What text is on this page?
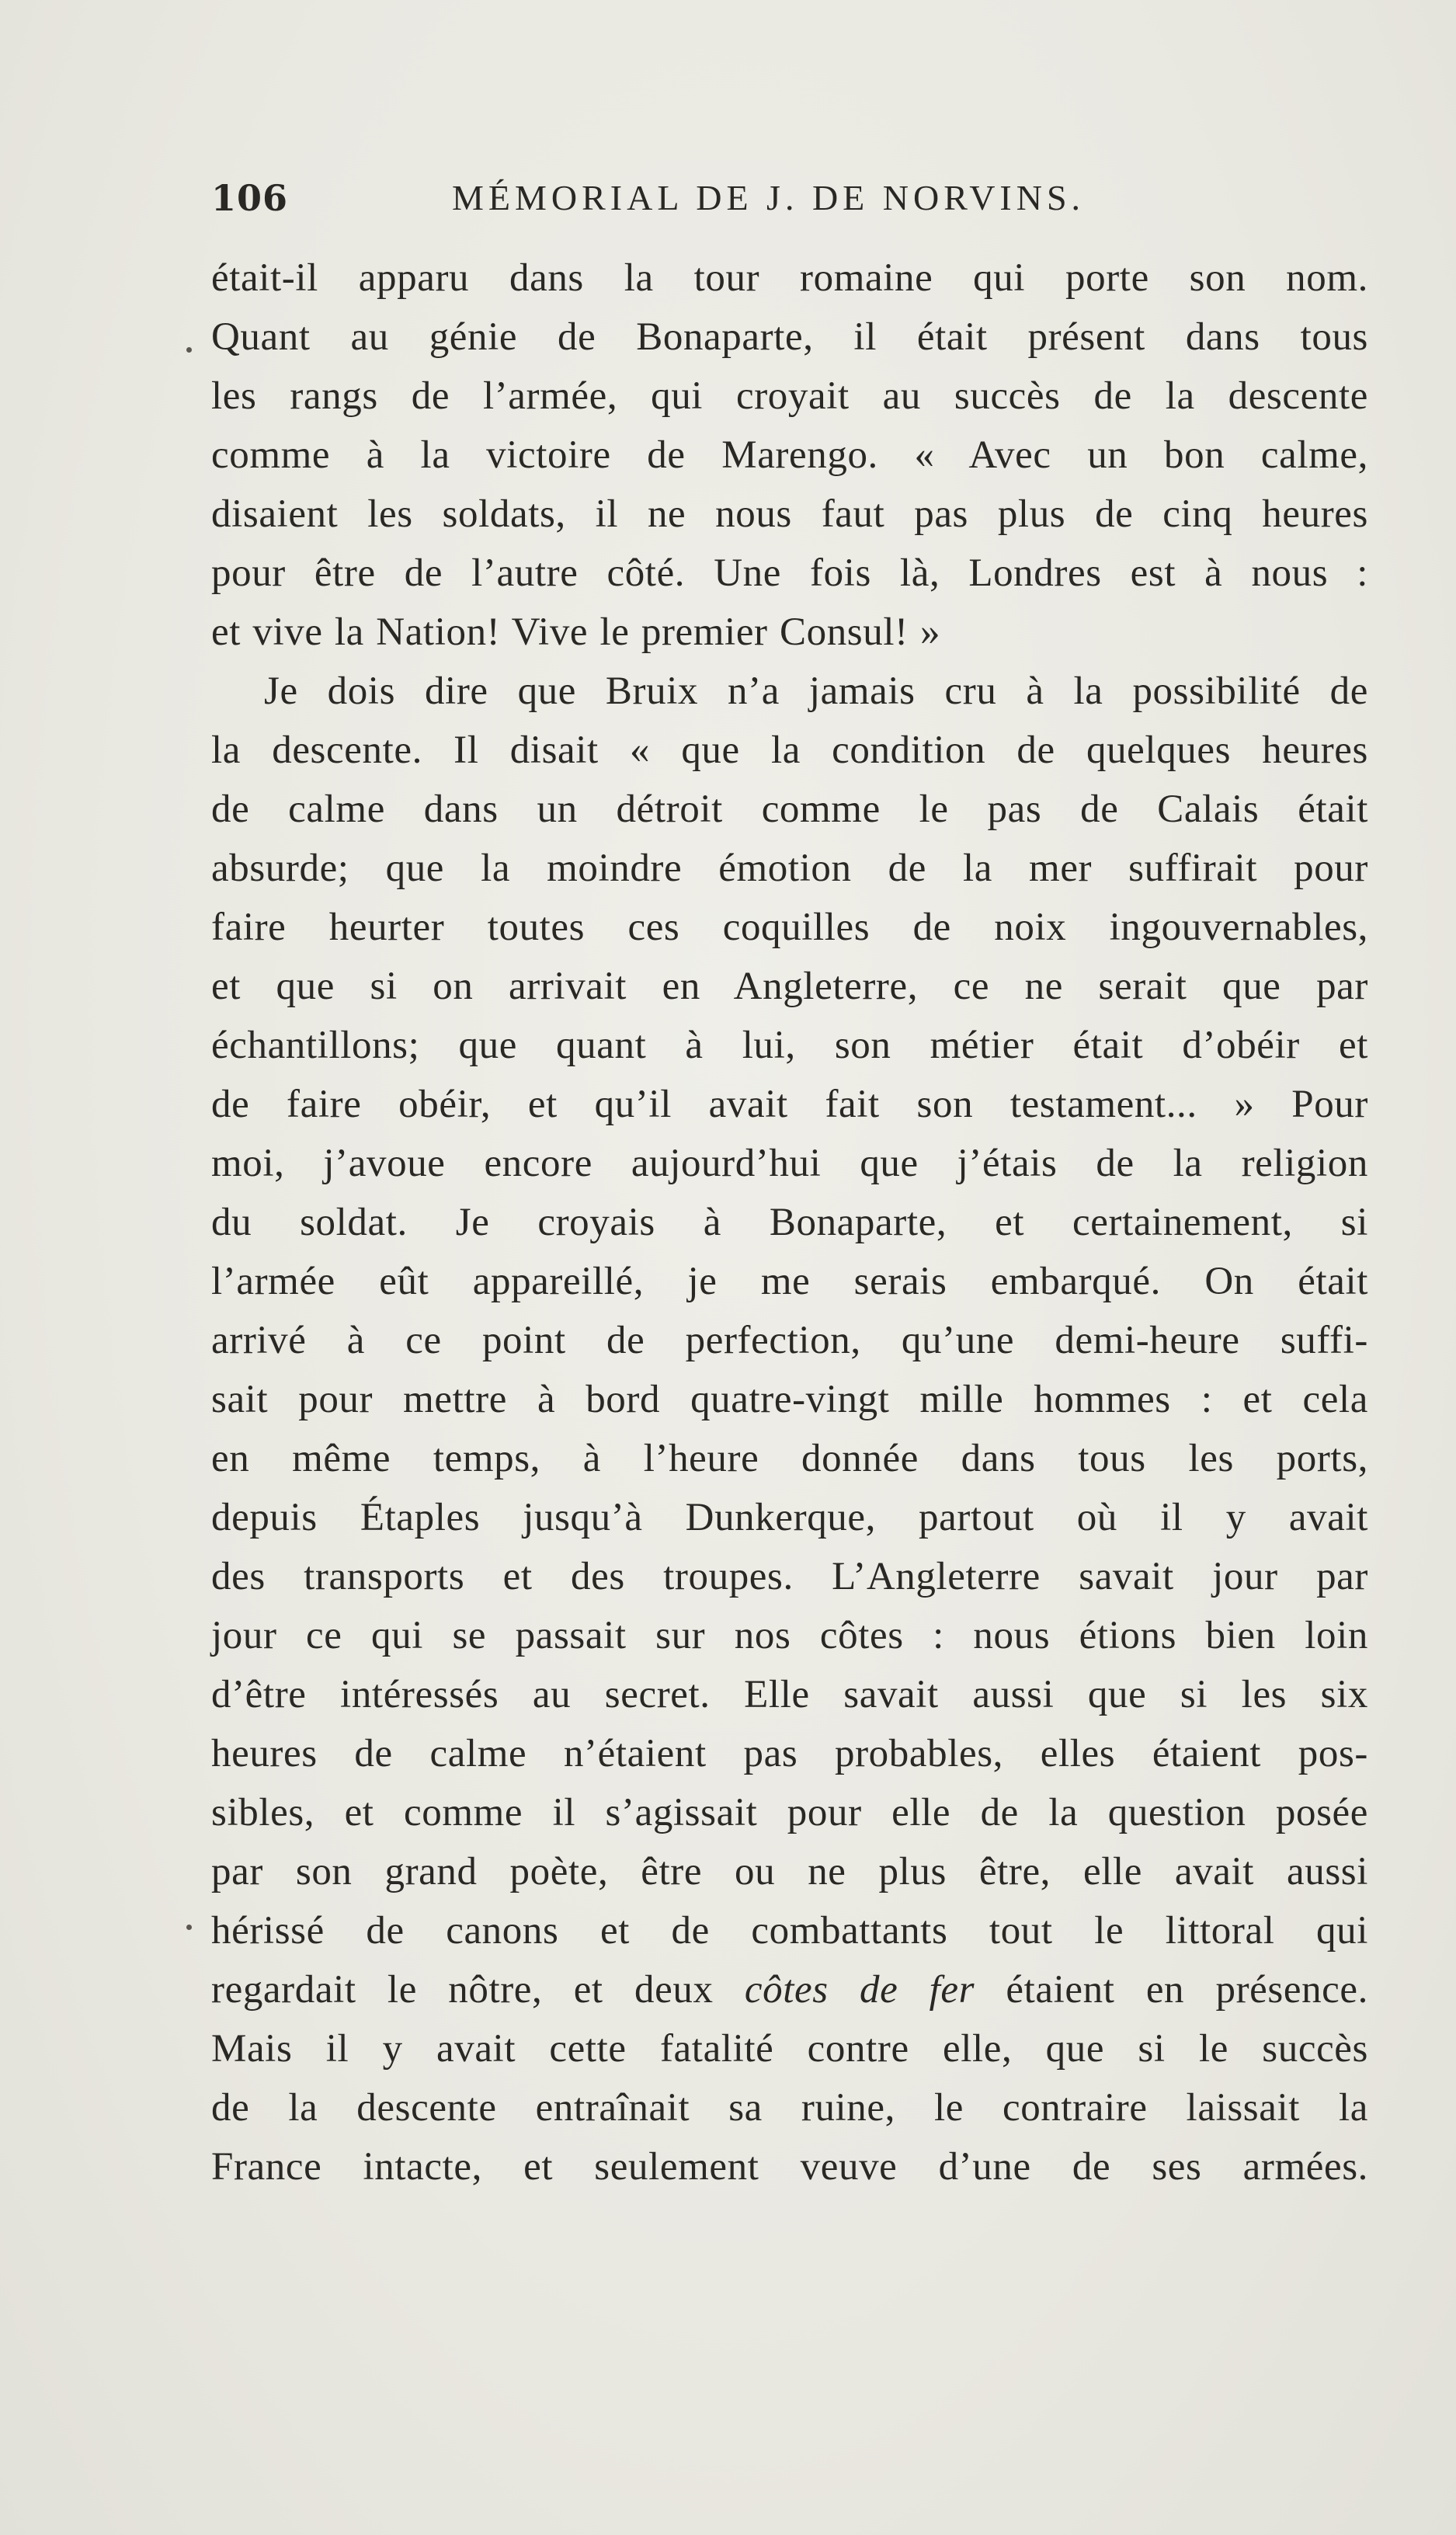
106	MÉMORIAL DE J. DE NORVINS.
était-il apparu dans la tour romaine qui porte son nom.
Quant au génie de Bonaparte, il était présent dans tous
les rangs de l’armée, qui croyait au succès de la descente
comme à la victoire de Marengo. « Avec un bon calme,
disaient les soldats, il ne nous faut pas plus de cinq heures
pour être de l’autre côté. Une fois là, Londres est à nous :
et vive la Nation! Vive le premier Consul! »
Je dois dire que Bruix n’a jamais cru à la possibilité de
la descente. Il disait « que la condition de quelques heures
de calme dans un détroit comme le pas de Calais était
absurde; que la moindre émotion de la mer suffirait pour
faire heurter toutes ces coquilles de noix ingouvernables,
et que si on arrivait en Angleterre, ce ne serait que par
échantillons; que quant à lui, son métier était d’obéir et
de faire obéir, et qu’il avait fait son testament... » Pour
moi, j’avoue encore aujourd’hui que j’étais de la religion
du soldat. Je croyais à Bonaparte, et certainement, si
l’armée eût appareillé, je me serais embarqué. On était
arrivé à ce point de perfection, qu’une demi-heure suffi-
sait pour mettre à bord quatre-vingt mille hommes : et cela
en même temps, à l’heure donnée dans tous les ports,
depuis Étaples jusqu’à Dunkerque, partout où il y avait
des transports et des troupes. L’Angleterre savait jour par
jour ce qui se passait sur nos côtes : nous étions bien loin
d’être intéressés au secret. Elle savait aussi que si les six
heures de calme n’étaient pas probables, elles étaient pos-
sibles, et comme il s’agissait pour elle de la question posée
par son grand poète, être ou ne plus être, elle avait aussi
hérissé de canons et de combattants tout le littoral qui
regardait le nôtre, et deux côtes de fer étaient en présence.
Mais il y avait cette fatalité contre elle, que si le succès
de la descente entraînait sa ruine, le contraire laissait la
France intacte, et seulement veuve d’une de ses armées.
